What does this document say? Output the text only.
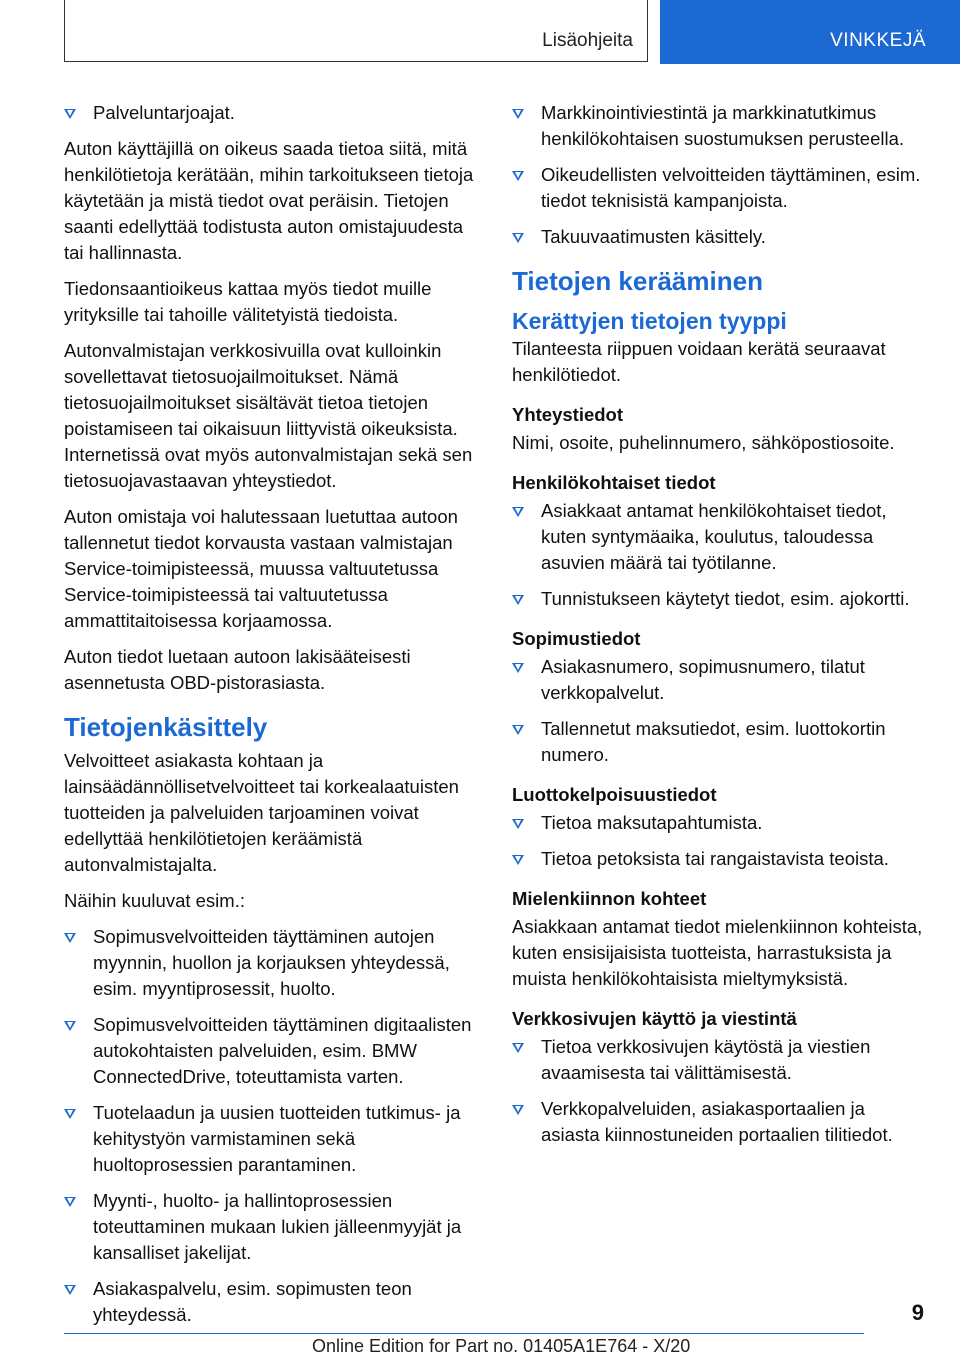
Lisäohjeita	VINKKEJÄ
Palveluntarjoajat.

Auton käyttäjillä on oikeus saada tietoa siitä, mitä henkilötietoja kerätään, mihin tarkoitukseen tietoja käytetään ja mistä tiedot ovat peräisin. Tietojen saanti edellyttää todistusta auton omistajuudesta tai hallinnasta.

Tiedonsaantioikeus kattaa myös tiedot muille yrityksille tai tahoille välitetyistä tiedoista.

Autonvalmistajan verkkosivuilla ovat kulloinkin sovellettavat tietosuojailmoitukset. Nämä tietosuojailmoitukset sisältävät tietoa tietojen poistamiseen tai oikaisuun liittyvistä oikeuksista. Internetissä ovat myös autonvalmistajan sekä sen tietosuojavastaavan yhteystiedot.

Auton omistaja voi halutessaan luetuttaa autoon tallennetut tiedot korvausta vastaan valmistajan Service-toimipisteessä, muussa valtuutetussa Service-toimipisteessä tai valtuutetussa ammattitaitoisessa korjaamossa.

Auton tiedot luetaan autoon lakisääteisesti asennetusta OBD-pistorasiasta.

Tietojenkäsittely

Velvoitteet asiakasta kohtaan ja lainsäädännöllisetvelvoitteet tai korkealaatuisten tuotteiden ja palveluiden tarjoaminen voivat edellyttää henkilötietojen keräämistä autonvalmistajalta.

Näihin kuuluvat esim.:

Sopimusvelvoitteiden täyttäminen autojen myynnin, huollon ja korjauksen yhteydessä, esim. myyntiprosessit, huolto.
Sopimusvelvoitteiden täyttäminen digitaalisten autokohtaisten palveluiden, esim. BMW ConnectedDrive, toteuttamista varten.
Tuotelaadun ja uusien tuotteiden tutkimus- ja kehitystyön varmistaminen sekä huoltoprosessien parantaminen.
Myynti-, huolto- ja hallintoprosessien toteuttaminen mukaan lukien jälleenmyyjät ja kansalliset jakelijat.
Asiakaspalvelu, esim. sopimusten teon yhteydessä.
Markkinointiviestintä ja markkinatutkimus henkilökohtaisen suostumuksen perusteella.
Oikeudellisten velvoitteiden täyttäminen, esim. tiedot teknisistä kampanjoista.
Takuuvaatimusten käsittely.
Tietojen kerääminen
Kerättyjen tietojen tyyppi

Tilanteesta riippuen voidaan kerätä seuraavat henkilötiedot.

Yhteystiedot

Nimi, osoite, puhelinnumero, sähköpostiosoite.

Henkilökohtaiset tiedot
Asiakkaat antamat henkilökohtaiset tiedot, kuten syntymäaika, koulutus, taloudessa asuvien määrä tai työtilanne.
Tunnistukseen käytetyt tiedot, esim. ajokortti.
Sopimustiedot
Asiakasnumero, sopimusnumero, tilatut verkkopalvelut.
Tallennetut maksutiedot, esim. luottokortin numero.
Luottokelpoisuustiedot
Tietoa maksutapahtumista.
Tietoa petoksista tai rangaistavista teoista.
Mielenkiinnon kohteet

Asiakkaan antamat tiedot mielenkiinnon kohteista, kuten ensisijaisista tuotteista, harrastuksista ja muista henkilökohtaisista mieltymyksistä.

Verkkosivujen käyttö ja viestintä
Tietoa verkkosivujen käytöstä ja viestien avaamisesta tai välittämisestä.
Verkkopalveluiden, asiakasportaalien ja asiasta kiinnostuneiden portaalien tilitiedot.
9
Online Edition for Part no. 01405A1E764 - X/20
